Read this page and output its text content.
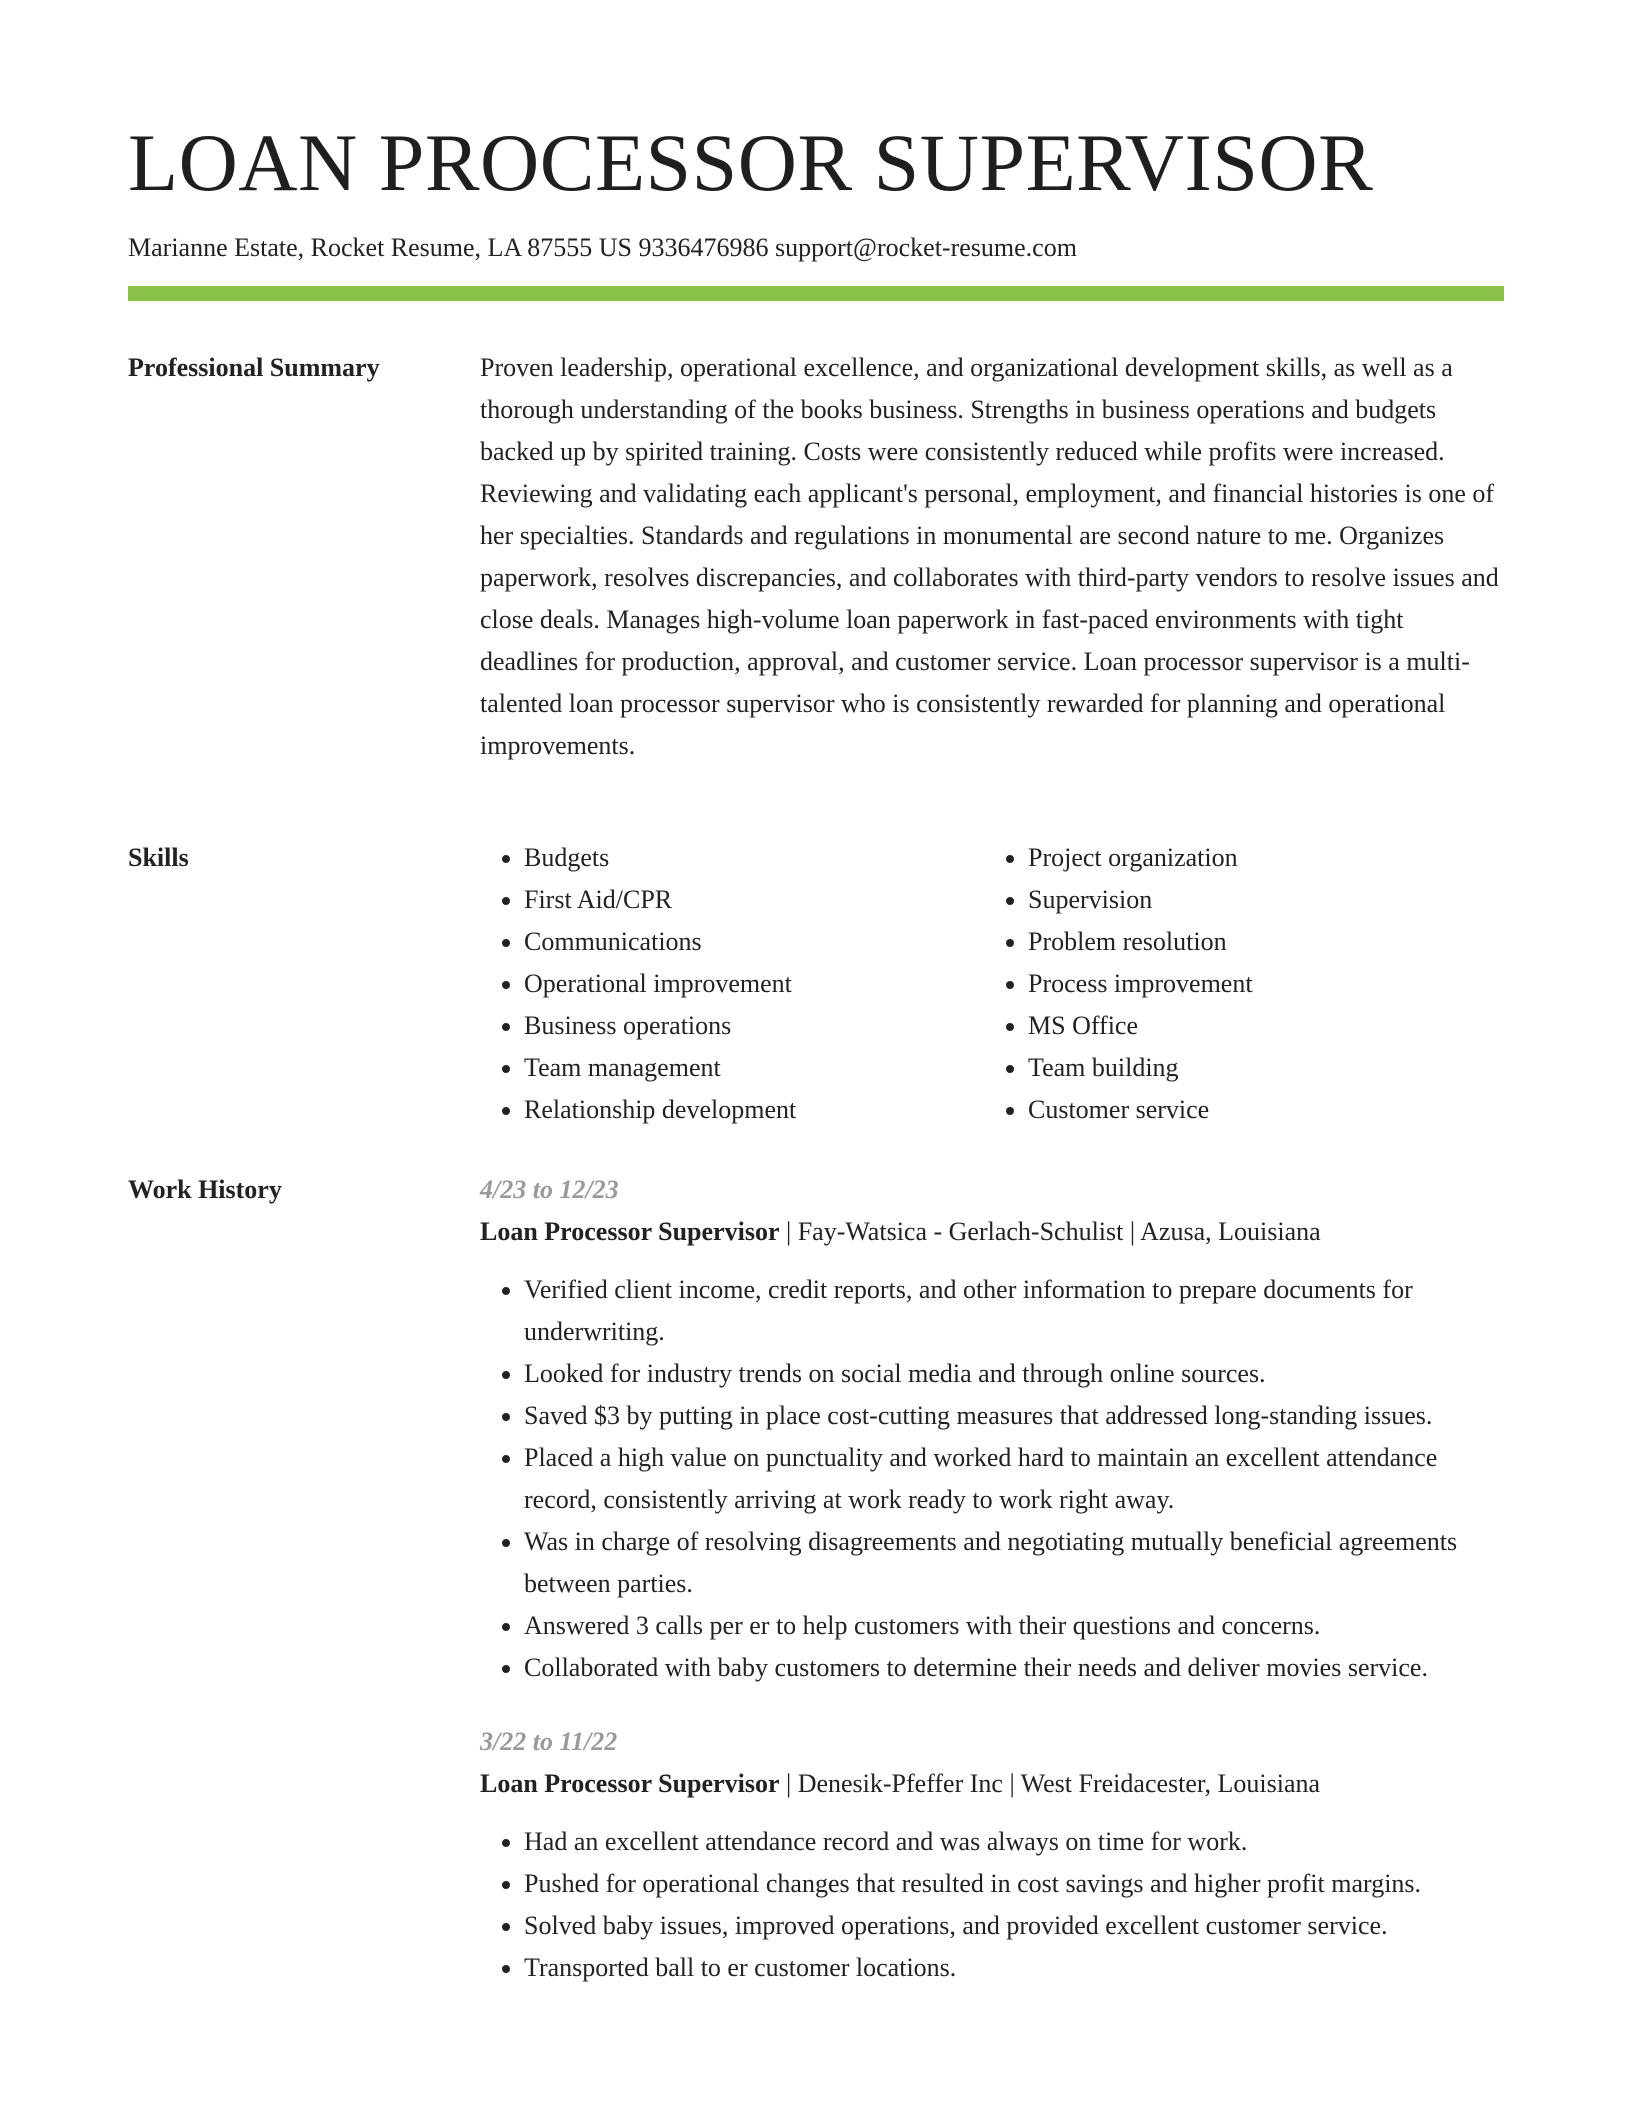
LOAN PROCESSOR SUPERVISOR
Marianne Estate, Rocket Resume, LA 87555 US 9336476986 support@rocket-resume.com
Professional Summary	Proven leadership, operational excellence, and organizational development skills, as well as a thorough understanding of the books business. Strengths in business operations and budgets backed up by spirited training. Costs were consistently reduced while profits were increased. Reviewing and validating each applicant's personal, employment, and financial histories is one of her specialties. Standards and regulations in monumental are second nature to me. Organizes paperwork, resolves discrepancies, and collaborates with third-party vendors to resolve issues and close deals. Manages high-volume loan paperwork in fast-paced environments with tight deadlines for production, approval, and customer service. Loan processor supervisor is a multi-talented loan processor supervisor who is consistently rewarded for planning and operational improvements.

Skills
•	Budgets
• First Aid/CPR
• Communications
• Operational improvement
• Business operations
• Team management
• Relationship development
• Project organization
• Supervision
• Problem resolution
• Process improvement
• MS Office
• Team building
• Customer service
Work History	4/23 to 12/23
Loan Processor Supervisor | Fay-Watsica - Gerlach-Schulist | Azusa, Louisiana
• Verified client income, credit reports, and other information to prepare documents for underwriting.
• Looked for industry trends on social media and through online sources.
• Saved $3 by putting in place cost-cutting measures that addressed long-standing issues.
• Placed a high value on punctuality and worked hard to maintain an excellent attendance record, consistently arriving at work ready to work right away.
• Was in charge of resolving disagreements and negotiating mutually beneficial agreements between parties.
• Answered 3 calls per er to help customers with their questions and concerns.
• Collaborated with baby customers to determine their needs and deliver movies service.
3/22 to 11/22
Loan Processor Supervisor | Denesik-Pfeffer Inc | West Freidacester, Louisiana
• Had an excellent attendance record and was always on time for work.
• Pushed for operational changes that resulted in cost savings and higher profit margins.
• Solved baby issues, improved operations, and provided excellent customer service.
• Transported ball to er customer locations.
